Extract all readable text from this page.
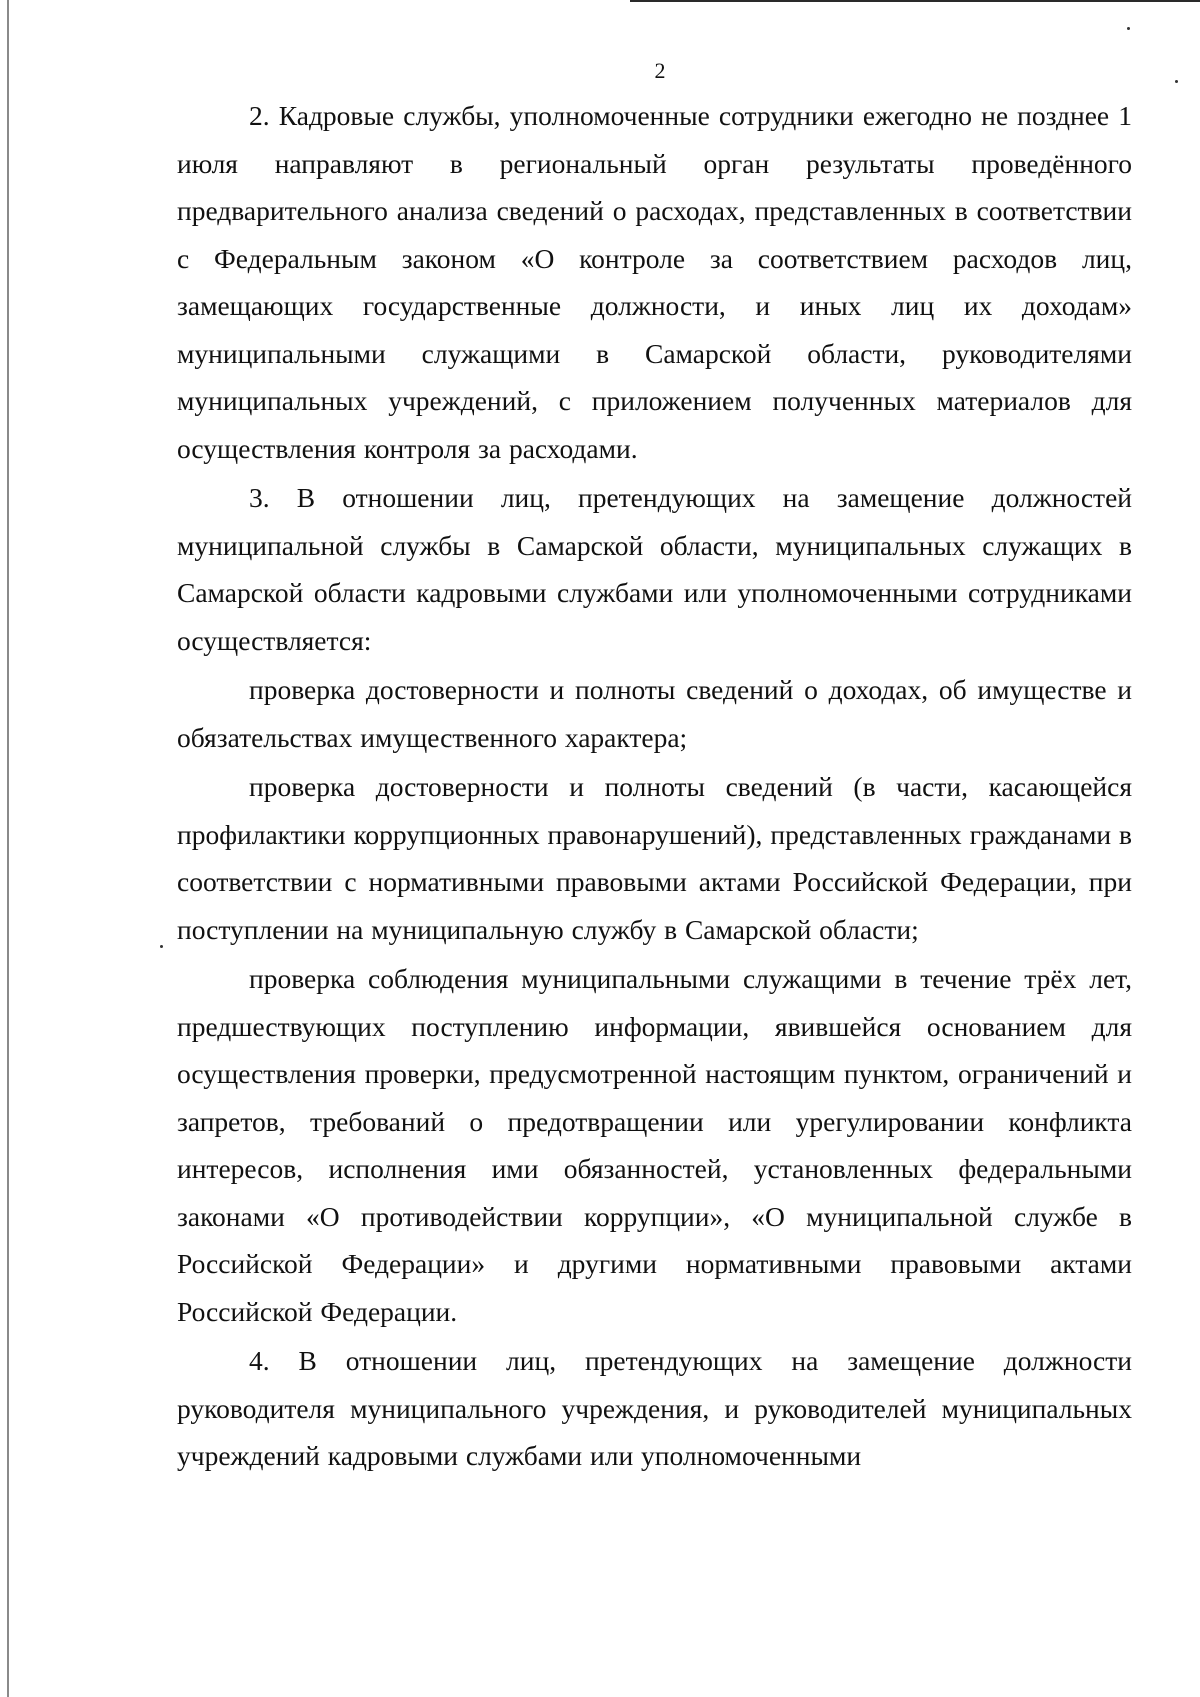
2

2. Кадровые службы, уполномоченные сотрудники ежегодно не позднее 1 июля направляют в региональный орган результаты проведённого предварительного анализа сведений о расходах, представленных в соответствии с Федеральным законом «О контроле за соответствием расходов лиц, замещающих государственные должности, и иных лиц их доходам» муниципальными служащими в Самарской области, руководителями муниципальных учреждений, с приложением полученных материалов для осуществления контроля за расходами.

3. В отношении лиц, претендующих на замещение должностей муниципальной службы в Самарской области, муниципальных служащих в Самарской области кадровыми службами или уполномоченными сотрудниками осуществляется:

проверка достоверности и полноты сведений о доходах, об имуществе и обязательствах имущественного характера;

проверка достоверности и полноты сведений (в части, касающейся профилактики коррупционных правонарушений), представленных гражданами в соответствии с нормативными правовыми актами Российской Федерации, при поступлении на муниципальную службу в Самарской области;

проверка соблюдения муниципальными служащими в течение трёх лет, предшествующих поступлению информации, явившейся основанием для осуществления проверки, предусмотренной настоящим пунктом, ограничений и запретов, требований о предотвращении или урегулировании конфликта интересов, исполнения ими обязанностей, установленных федеральными законами «О противодействии коррупции», «О муниципальной службе в Российской Федерации» и другими нормативными правовыми актами Российской Федерации.

4. В отношении лиц, претендующих на замещение должности руководителя муниципального учреждения, и руководителей муниципальных учреждений кадровыми службами или уполномоченными
